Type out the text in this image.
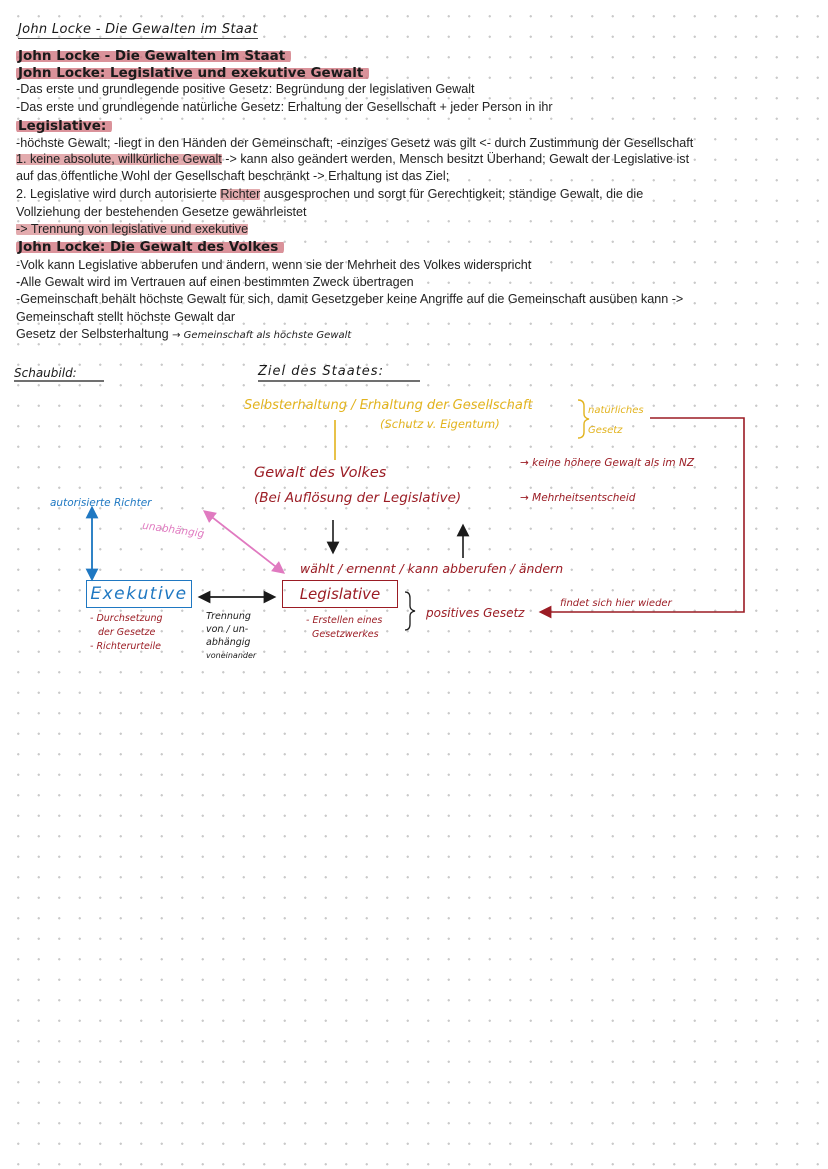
John Locke - Die Gewalten im Staat
John Locke - Die Gewalten im Staat
John Locke: Legislative und exekutive Gewalt
-Das erste und grundlegende positive Gesetz: Begründung der legislativen Gewalt
-Das erste und grundlegende natürliche Gesetz: Erhaltung der Gesellschaft + jeder Person in ihr
Legislative:
-höchste Gewalt; -liegt in den Händen der Gemeinschaft; -einziges Gesetz was gilt <- durch Zustimmung der Gesellschaft
1. keine absolute, willkürliche Gewalt -> kann also geändert werden, Mensch besitzt Überhand; Gewalt der Legislative ist
auf das öffentliche Wohl der Gesellschaft beschränkt -> Erhaltung ist das Ziel;
2. Legislative wird durch autorisierte Richter ausgesprochen und sorgt für Gerechtigkeit; ständige Gewalt, die die
Vollziehung der bestehenden Gesetze gewährleistet
-> Trennung von legislative und exekutive
John Locke: Die Gewalt des Volkes
-Volk kann Legislative abberufen und ändern, wenn sie der Mehrheit des Volkes widerspricht
-Alle Gewalt wird im Vertrauen auf einen bestimmten Zweck übertragen
-Gemeinschaft behält höchste Gewalt für sich, damit Gesetzgeber keine Angriffe auf die Gemeinschaft ausüben kann ->
Gemeinschaft stellt höchste Gewalt dar
Gesetz der Selbsterhaltung → Gemeinschaft als höchste Gewalt
Schaubild:	Ziel des Staates:
Selbsterhaltung / Erhaltung der Gesellschaft
(Schutz v. Eigentum)
natürliches
Gesetz
Gewalt des Volkes
(Bei Auflösung der Legislative)
→ keine höhere Gewalt als im NZ
→ Mehrheitsentscheid
autorisierte Richter
unabhängig
wählt / ernennt / kann abberufen / ändern
Exekutive	Legislative
Trennung
von / un-
abhängig
voneinander
- Durchsetzung
der Gesetze
- Richterurteile
- Erstellen eines
Gesetzwerkes
positives Gesetz
findet sich hier wieder
